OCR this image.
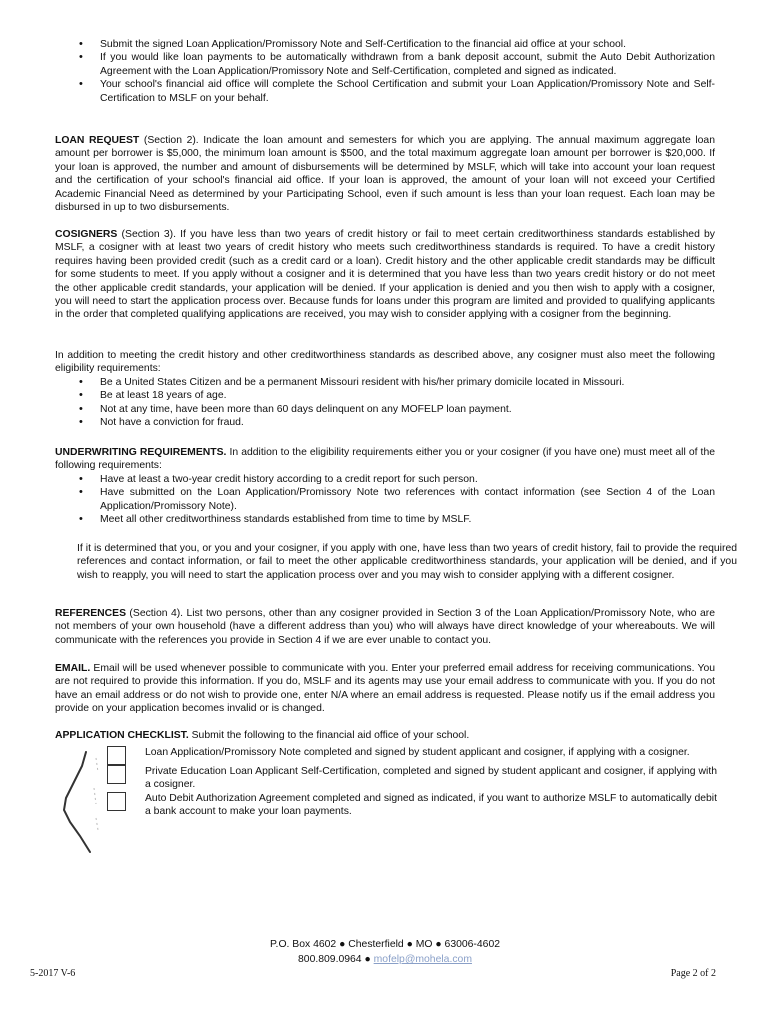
• Submit the signed Loan Application/Promissory Note and Self-Certification to the financial aid office at your school.
• If you would like loan payments to be automatically withdrawn from a bank deposit account, submit the Auto Debit Authorization Agreement with the Loan Application/Promissory Note and Self-Certification, completed and signed as indicated.
• Your school's financial aid office will complete the School Certification and submit your Loan Application/Promissory Note and Self-Certification to MSLF on your behalf.

LOAN REQUEST (Section 2). Indicate the loan amount and semesters for which you are applying. The annual maximum aggregate loan amount per borrower is $5,000, the minimum loan amount is $500, and the total maximum aggregate loan amount per borrower is $20,000. If your loan is approved, the number and amount of disbursements will be determined by MSLF, which will take into account your loan request and the certification of your school's financial aid office. If your loan is approved, the amount of your loan will not exceed your Certified Academic Financial Need as determined by your Participating School, even if such amount is less than your loan request. Each loan may be disbursed in up to two disbursements.

COSIGNERS (Section 3). If you have less than two years of credit history or fail to meet certain creditworthiness standards established by MSLF, a cosigner with at least two years of credit history who meets such creditworthiness standards is required. To have a credit history requires having been provided credit (such as a credit card or a loan). Credit history and the other applicable credit standards may be difficult for some students to meet. If you apply without a cosigner and it is determined that you have less than two years credit history or do not meet the other applicable credit standards, your application will be denied. If your application is denied and you then wish to apply with a cosigner, you will need to start the application process over. Because funds for loans under this program are limited and provided to qualifying applicants in the order that completed qualifying applications are received, you may wish to consider applying with a cosigner from the beginning.

In addition to meeting the credit history and other creditworthiness standards as described above, any cosigner must also meet the following eligibility requirements:

• Be a United States Citizen and be a permanent Missouri resident with his/her primary domicile located in Missouri.
• Be at least 18 years of age.
• Not at any time, have been more than 60 days delinquent on any MOFELP loan payment.
• Not have a conviction for fraud.

UNDERWRITING REQUIREMENTS. In addition to the eligibility requirements either you or your cosigner (if you have one) must meet all of the following requirements:

• Have at least a two-year credit history according to a credit report for such person.
• Have submitted on the Loan Application/Promissory Note two references with contact information (see Section 4 of the Loan Application/Promissory Note).
• Meet all other creditworthiness standards established from time to time by MSLF.

If it is determined that you, or you and your cosigner, if you apply with one, have less than two years of credit history, fail to provide the required references and contact information, or fail to meet the other applicable creditworthiness standards, your application will be denied, and if you wish to reapply, you will need to start the application process over and you may wish to consider applying with a different cosigner.

REFERENCES (Section 4). List two persons, other than any cosigner provided in Section 3 of the Loan Application/Promissory Note, who are not members of your own household (have a different address than you) who will always have direct knowledge of your whereabouts. We will communicate with the references you provide in Section 4 if we are ever unable to contact you.

EMAIL. Email will be used whenever possible to communicate with you. Enter your preferred email address for receiving communications. You are not required to provide this information. If you do, MSLF and its agents may use your email address to communicate with you. If you do not have an email address or do not wish to provide one, enter N/A where an email address is requested. Please notify us if the email address you provide on your application becomes invalid or is changed.

APPLICATION CHECKLIST. Submit the following to the financial aid office of your school.

Loan Application/Promissory Note completed and signed by student applicant and cosigner, if applying with a cosigner.
Private Education Loan Applicant Self-Certification, completed and signed by student applicant and cosigner, if applying with a cosigner.
Auto Debit Authorization Agreement completed and signed as indicated, if you want to authorize MSLF to automatically debit a bank account to make your loan payments.
P.O. Box 4602 ● Chesterfield ● MO ● 63006-4602
800.809.0964 ● mofelp@mohela.com
5-2017 V-6	Page 2 of 2
